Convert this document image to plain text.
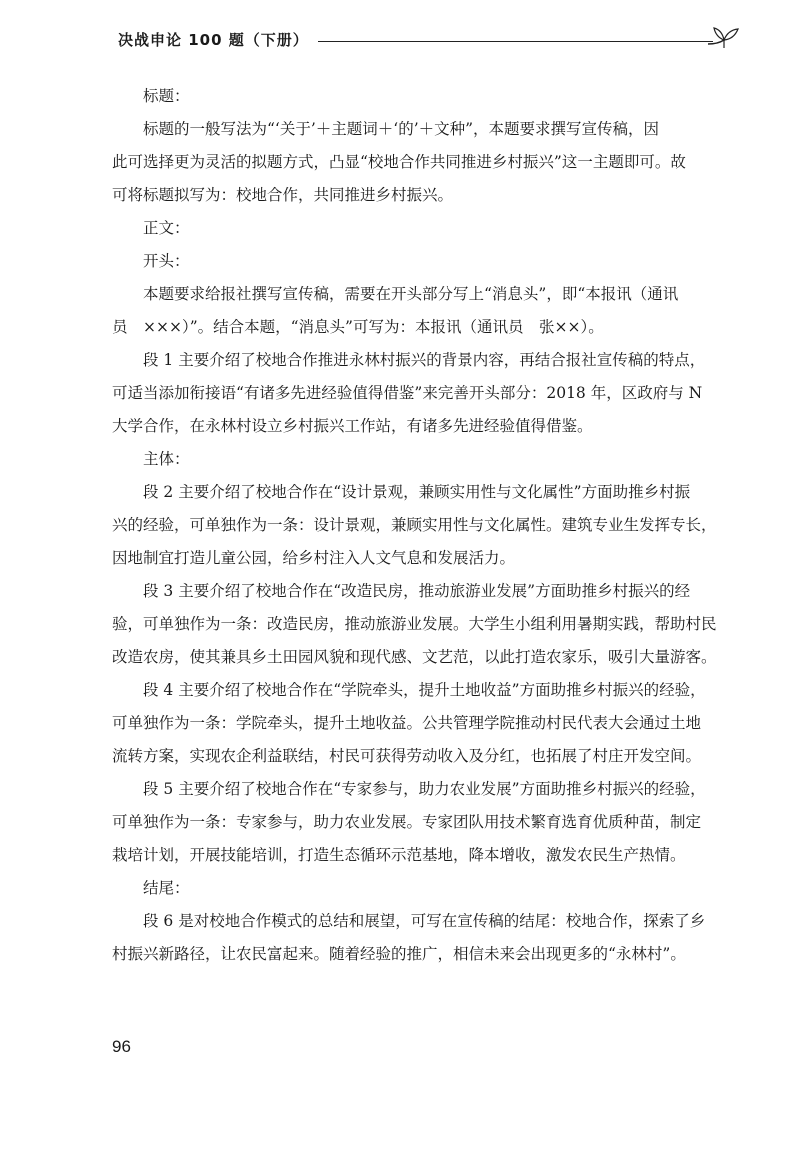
决战申论 100 题（下册）
标题：
标题的一般写法为“‘关于’＋主题词＋‘的’＋文种”，本题要求撰写宣传稿，因
此可选择更为灵活的拟题方式，凸显“校地合作共同推进乡村振兴”这一主题即可。故
可将标题拟写为：校地合作，共同推进乡村振兴。
正文：
开头：
本题要求给报社撰写宣传稿，需要在开头部分写上“消息头”，即“本报讯（通讯
员　×××）”。结合本题，“消息头”可写为：本报讯（通讯员　张××）。
段 1 主要介绍了校地合作推进永林村振兴的背景内容，再结合报社宣传稿的特点，
可适当添加衔接语“有诸多先进经验值得借鉴”来完善开头部分：2018 年，区政府与 N
大学合作，在永林村设立乡村振兴工作站，有诸多先进经验值得借鉴。
主体：
段 2 主要介绍了校地合作在“设计景观，兼顾实用性与文化属性”方面助推乡村振
兴的经验，可单独作为一条：设计景观，兼顾实用性与文化属性。建筑专业生发挥专长，
因地制宜打造儿童公园，给乡村注入人文气息和发展活力。
段 3 主要介绍了校地合作在“改造民房，推动旅游业发展”方面助推乡村振兴的经
验，可单独作为一条：改造民房，推动旅游业发展。大学生小组利用暑期实践，帮助村民
改造农房，使其兼具乡土田园风貌和现代感、文艺范，以此打造农家乐，吸引大量游客。
段 4 主要介绍了校地合作在“学院牵头，提升土地收益”方面助推乡村振兴的经验，
可单独作为一条：学院牵头，提升土地收益。公共管理学院推动村民代表大会通过土地
流转方案，实现农企利益联结，村民可获得劳动收入及分红，也拓展了村庄开发空间。
段 5 主要介绍了校地合作在“专家参与，助力农业发展”方面助推乡村振兴的经验，
可单独作为一条：专家参与，助力农业发展。专家团队用技术繁育选育优质种苗，制定
栽培计划，开展技能培训，打造生态循环示范基地，降本增收，激发农民生产热情。
结尾：
段 6 是对校地合作模式的总结和展望，可写在宣传稿的结尾：校地合作，探索了乡
村振兴新路径，让农民富起来。随着经验的推广，相信未来会出现更多的“永林村”。
96
